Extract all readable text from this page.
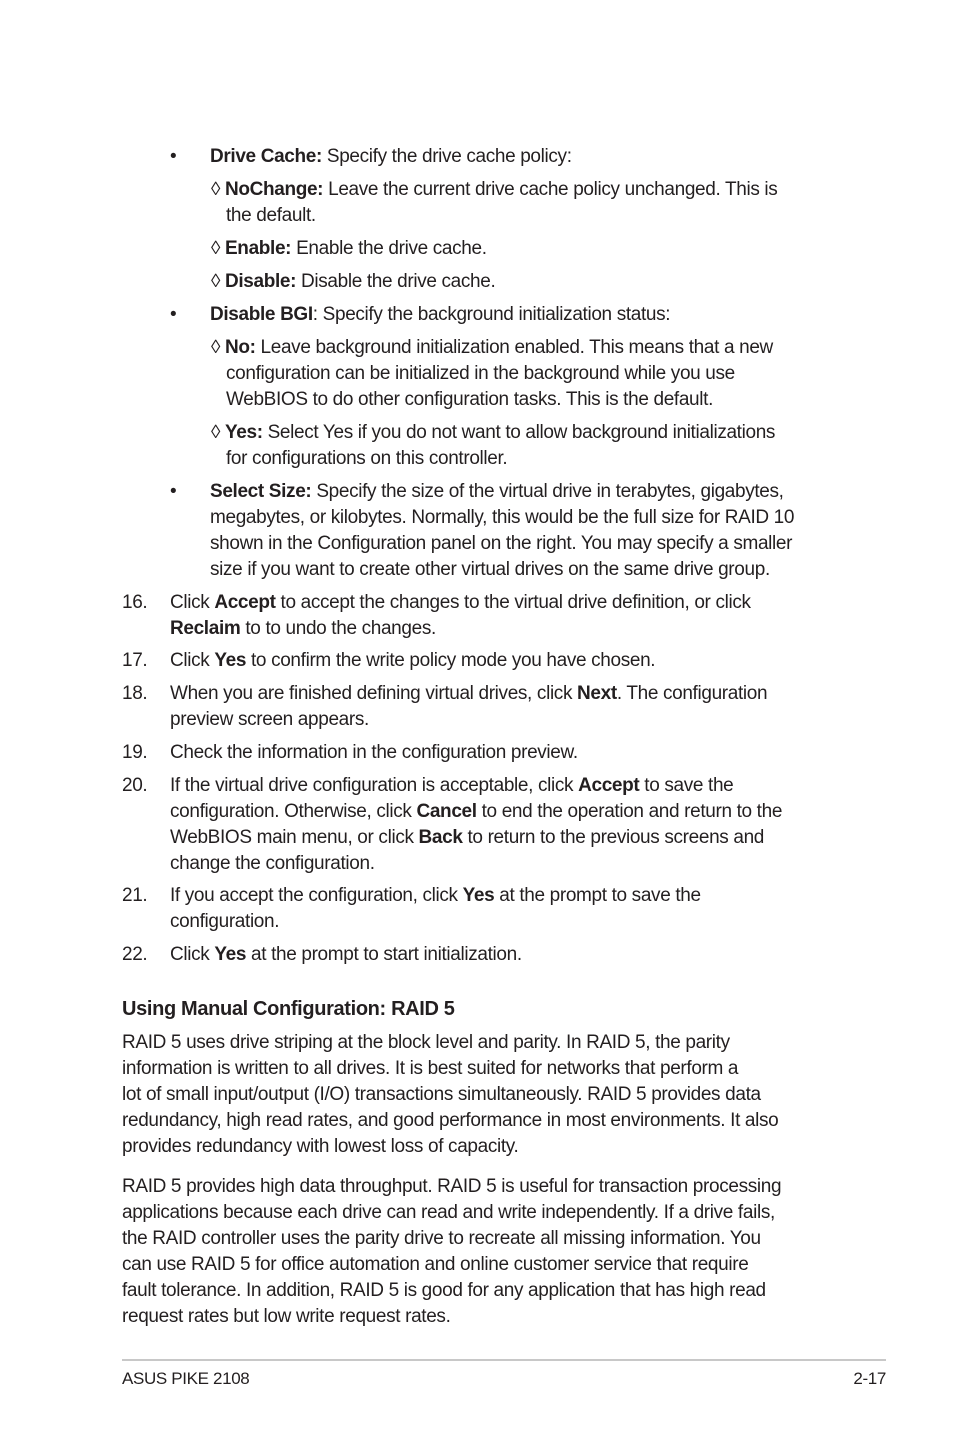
• Drive Cache: Specify the drive cache policy:
◊ NoChange: Leave the current drive cache policy unchanged. This is
the default.
◊ Enable: Enable the drive cache.
◊ Disable: Disable the drive cache.
• Disable BGI: Specify the background initialization status:
◊ No: Leave background initialization enabled. This means that a new
configuration can be initialized in the background while you use
WebBIOS to do other configuration tasks. This is the default.
◊ Yes: Select Yes if you do not want to allow background initializations
for configurations on this controller.
• Select Size: Specify the size of the virtual drive in terabytes, gigabytes,
megabytes, or kilobytes. Normally, this would be the full size for RAID 10
shown in the Configuration panel on the right. You may specify a smaller
size if you want to create other virtual drives on the same drive group.
16. Click Accept to accept the changes to the virtual drive definition, or click
Reclaim to to undo the changes.
17. Click Yes to confirm the write policy mode you have chosen.
18. When you are finished defining virtual drives, click Next. The configuration
preview screen appears.
19. Check the information in the configuration preview.
20. If the virtual drive configuration is acceptable, click Accept to save the
configuration. Otherwise, click Cancel to end the operation and return to the
WebBIOS main menu, or click Back to return to the previous screens and
change the configuration.
21. If you accept the configuration, click Yes at the prompt to save the
configuration.
22. Click Yes at the prompt to start initialization.
Using Manual Configuration: RAID 5
RAID 5 uses drive striping at the block level and parity. In RAID 5, the parity
information is written to all drives. It is best suited for networks that perform a
lot of small input/output (I/O) transactions simultaneously. RAID 5 provides data
redundancy, high read rates, and good performance in most environments. It also
provides redundancy with lowest loss of capacity.
RAID 5 provides high data throughput. RAID 5 is useful for transaction processing
applications because each drive can read and write independently. If a drive fails,
the RAID controller uses the parity drive to recreate all missing information. You
can use RAID 5 for office automation and online customer service that require
fault tolerance. In addition, RAID 5 is good for any application that has high read
request rates but low write request rates.
ASUS PIKE 2108	2-17
